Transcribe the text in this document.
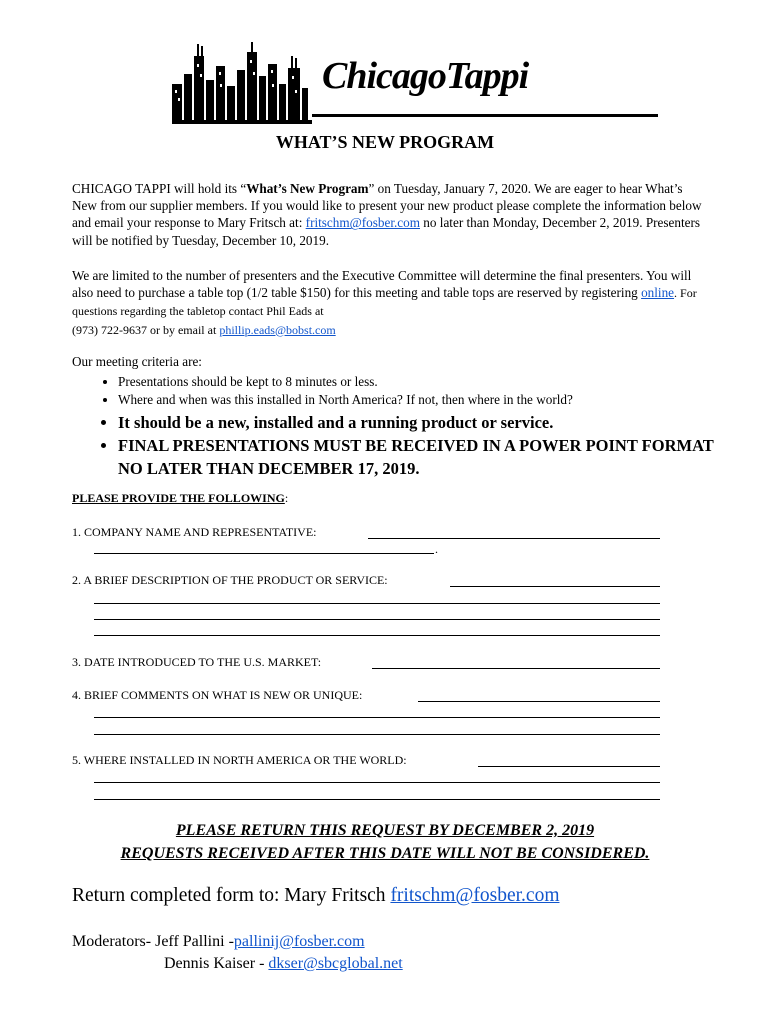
ChicagoTappi
WHAT’S NEW PROGRAM
CHICAGO TAPPI will hold its “What’s New Program” on Tuesday, January 7, 2020. We are eager to hear What’s New from our supplier members. If you would like to present your new product please complete the information below and email your response to Mary Fritsch at: fritschm@fosber.com no later than Monday, December 2, 2019. Presenters will be notified by Tuesday, December 10, 2019.
We are limited to the number of presenters and the Executive Committee will determine the final presenters. You will also need to purchase a table top (1/2 table $150) for this meeting and table tops are reserved by registering online. For questions regarding the tabletop contact Phil Eads at
(973) 722-9637 or by email at phillip.eads@bobst.com
Our meeting criteria are:
• Presentations should be kept to 8 minutes or less.
• Where and when was this installed in North America? If not, then where in the world?
• It should be a new, installed and a running product or service.
• FINAL PRESENTATIONS MUST BE RECEIVED IN A POWER POINT FORMAT NO LATER THAN DECEMBER 17, 2019.
PLEASE PROVIDE THE FOLLOWING:
1. COMPANY NAME AND REPRESENTATIVE:
.
2. A BRIEF DESCRIPTION OF THE PRODUCT OR SERVICE:
3. DATE INTRODUCED TO THE U.S. MARKET:
4. BRIEF COMMENTS ON WHAT IS NEW OR UNIQUE:
5. WHERE INSTALLED IN NORTH AMERICA OR THE WORLD:
PLEASE RETURN THIS REQUEST BY DECEMBER 2, 2019
REQUESTS RECEIVED AFTER THIS DATE WILL NOT BE CONSIDERED.
Return completed form to: Mary Fritsch fritschm@fosber.com
Moderators- Jeff Pallini -pallinij@fosber.com
Dennis Kaiser - dkser@sbcglobal.net
